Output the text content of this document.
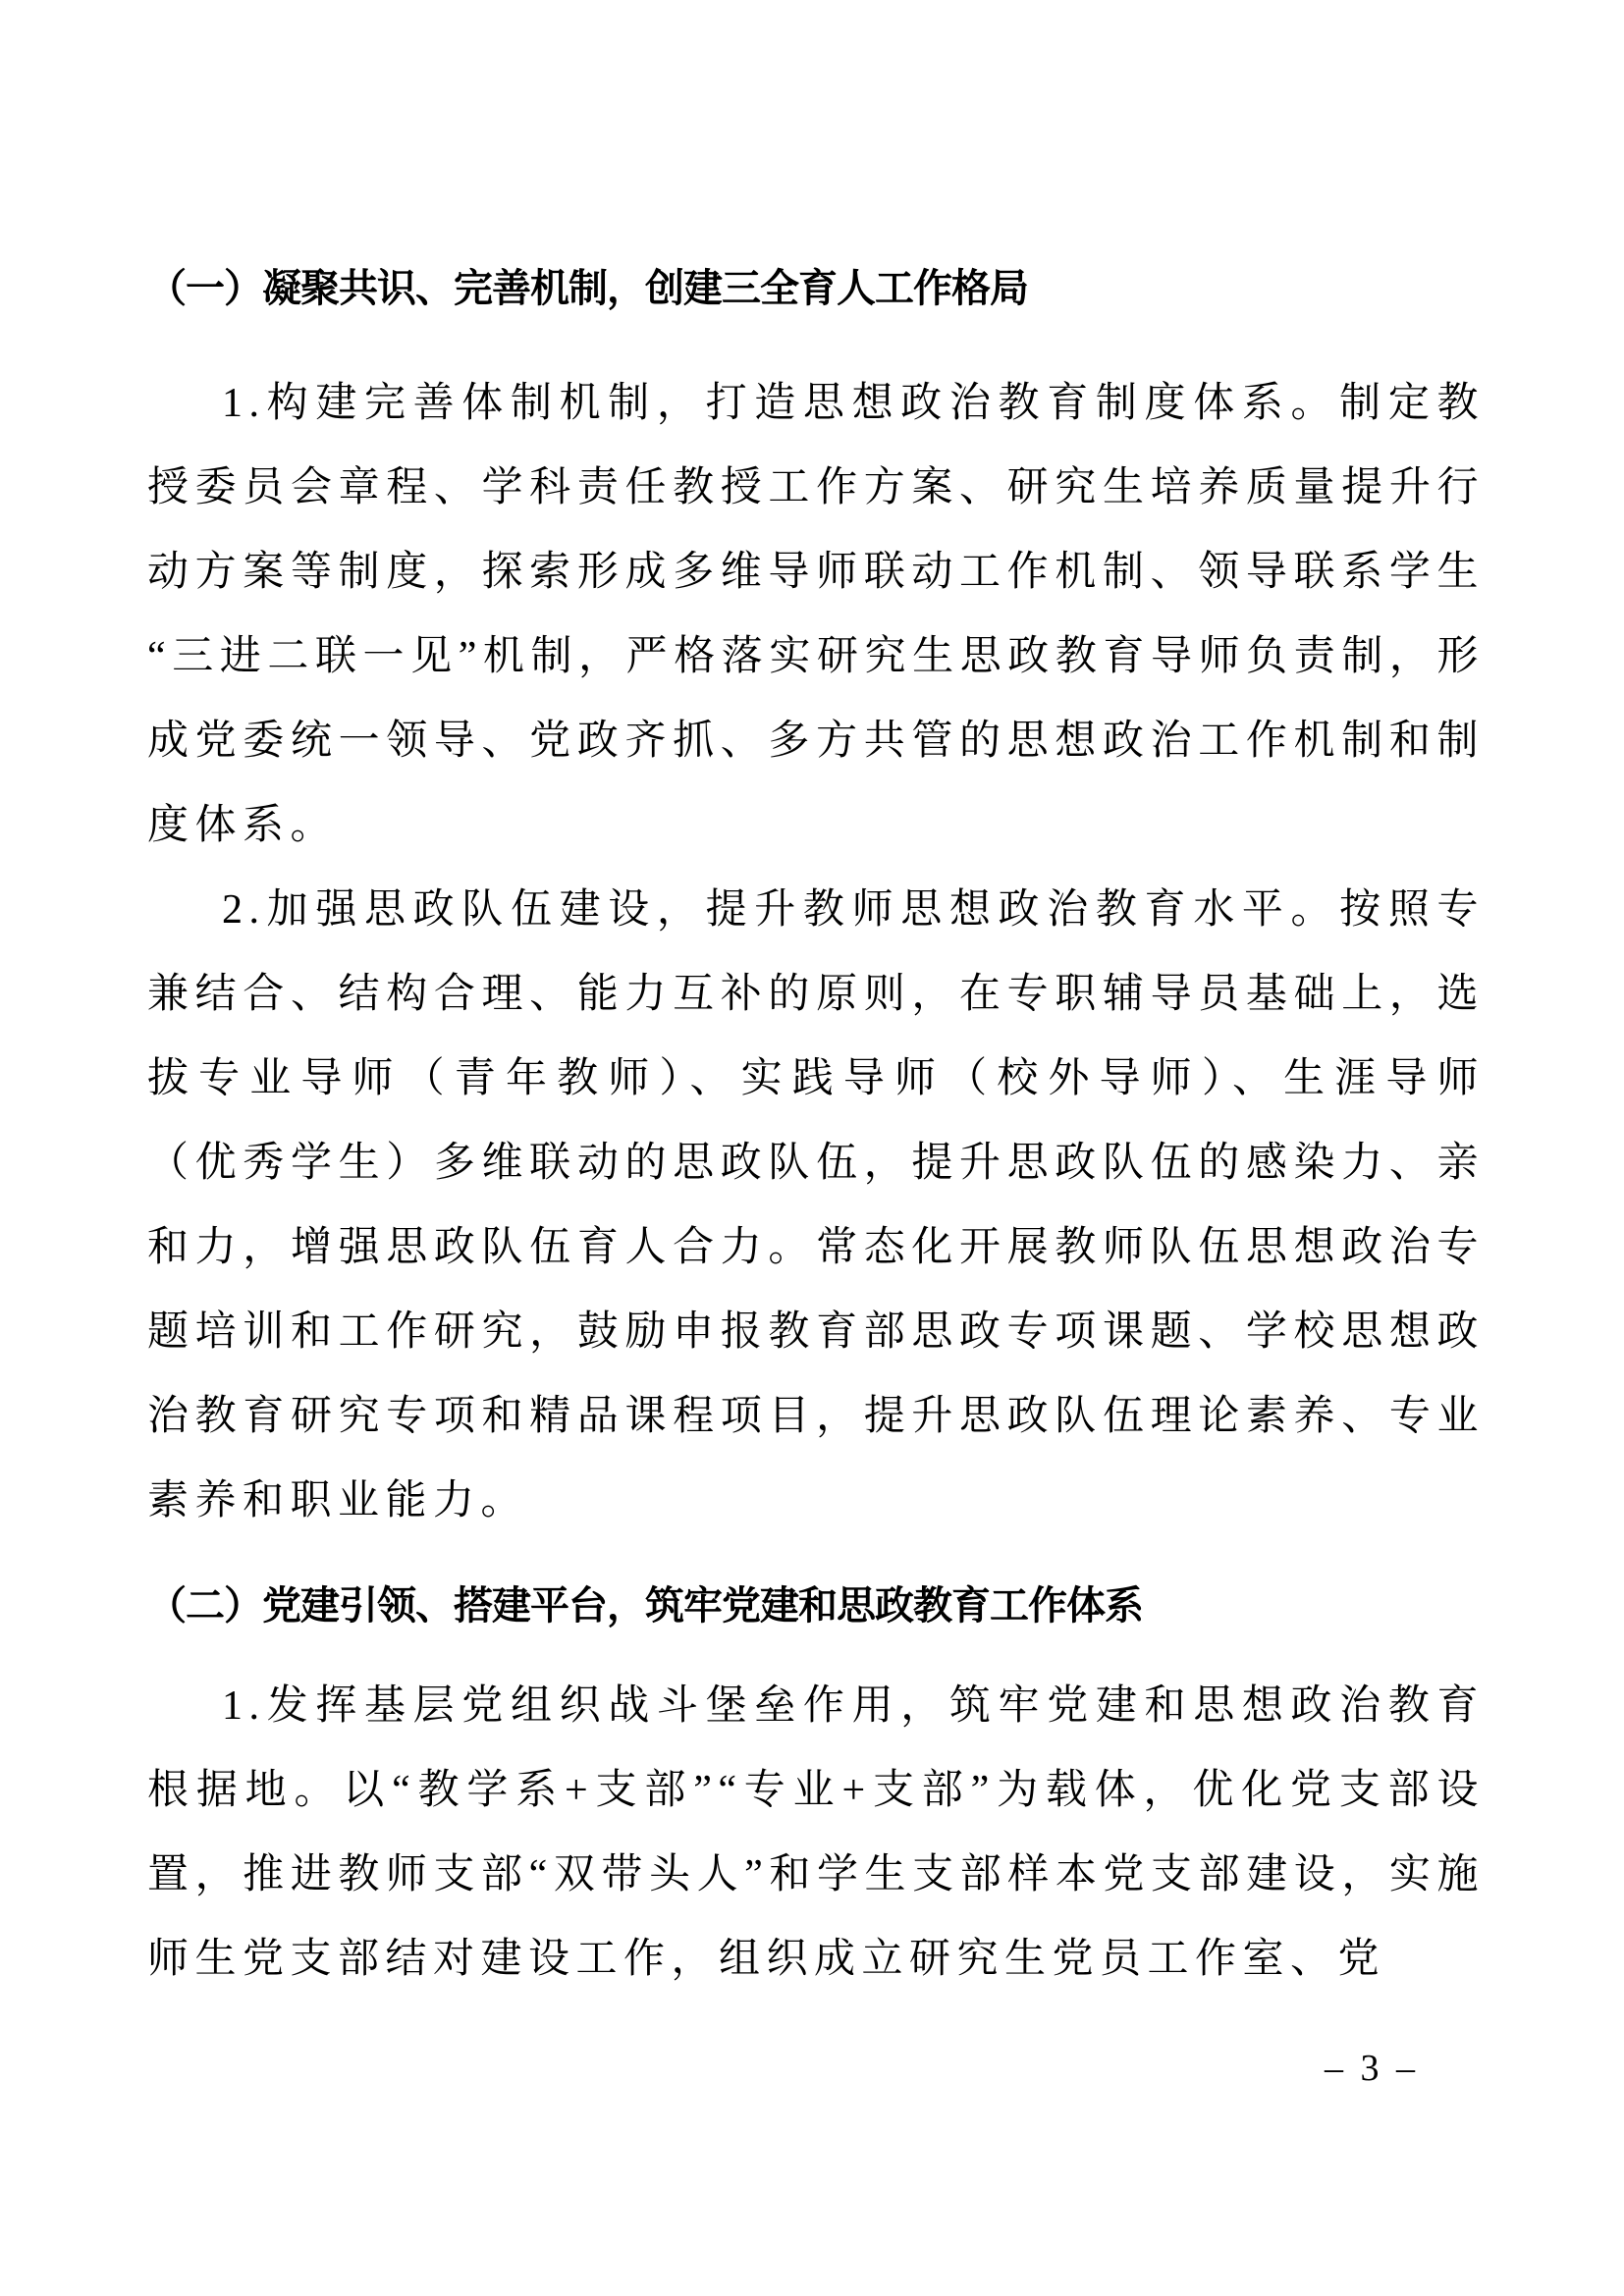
（一）凝聚共识、完善机制，创建三全育人工作格局

1.构建完善体制机制，打造思想政治教育制度体系。制定教授委员会章程、学科责任教授工作方案、研究生培养质量提升行动方案等制度，探索形成多维导师联动工作机制、领导联系学生“三进二联一见”机制，严格落实研究生思政教育导师负责制，形成党委统一领导、党政齐抓、多方共管的思想政治工作机制和制度体系。

2.加强思政队伍建设，提升教师思想政治教育水平。按照专兼结合、结构合理、能力互补的原则，在专职辅导员基础上，选拔专业导师（青年教师）、实践导师（校外导师）、生涯导师（优秀学生）多维联动的思政队伍，提升思政队伍的感染力、亲和力，增强思政队伍育人合力。常态化开展教师队伍思想政治专题培训和工作研究，鼓励申报教育部思政专项课题、学校思想政治教育研究专项和精品课程项目，提升思政队伍理论素养、专业素养和职业能力。

（二）党建引领、搭建平台，筑牢党建和思政教育工作体系

1.发挥基层党组织战斗堡垒作用，筑牢党建和思想政治教育根据地。以“教学系+支部”“专业+支部”为载体，优化党支部设置，推进教师支部“双带头人”和学生支部样本党支部建设，实施师生党支部结对建设工作，组织成立研究生党员工作室、党

– 3 –
